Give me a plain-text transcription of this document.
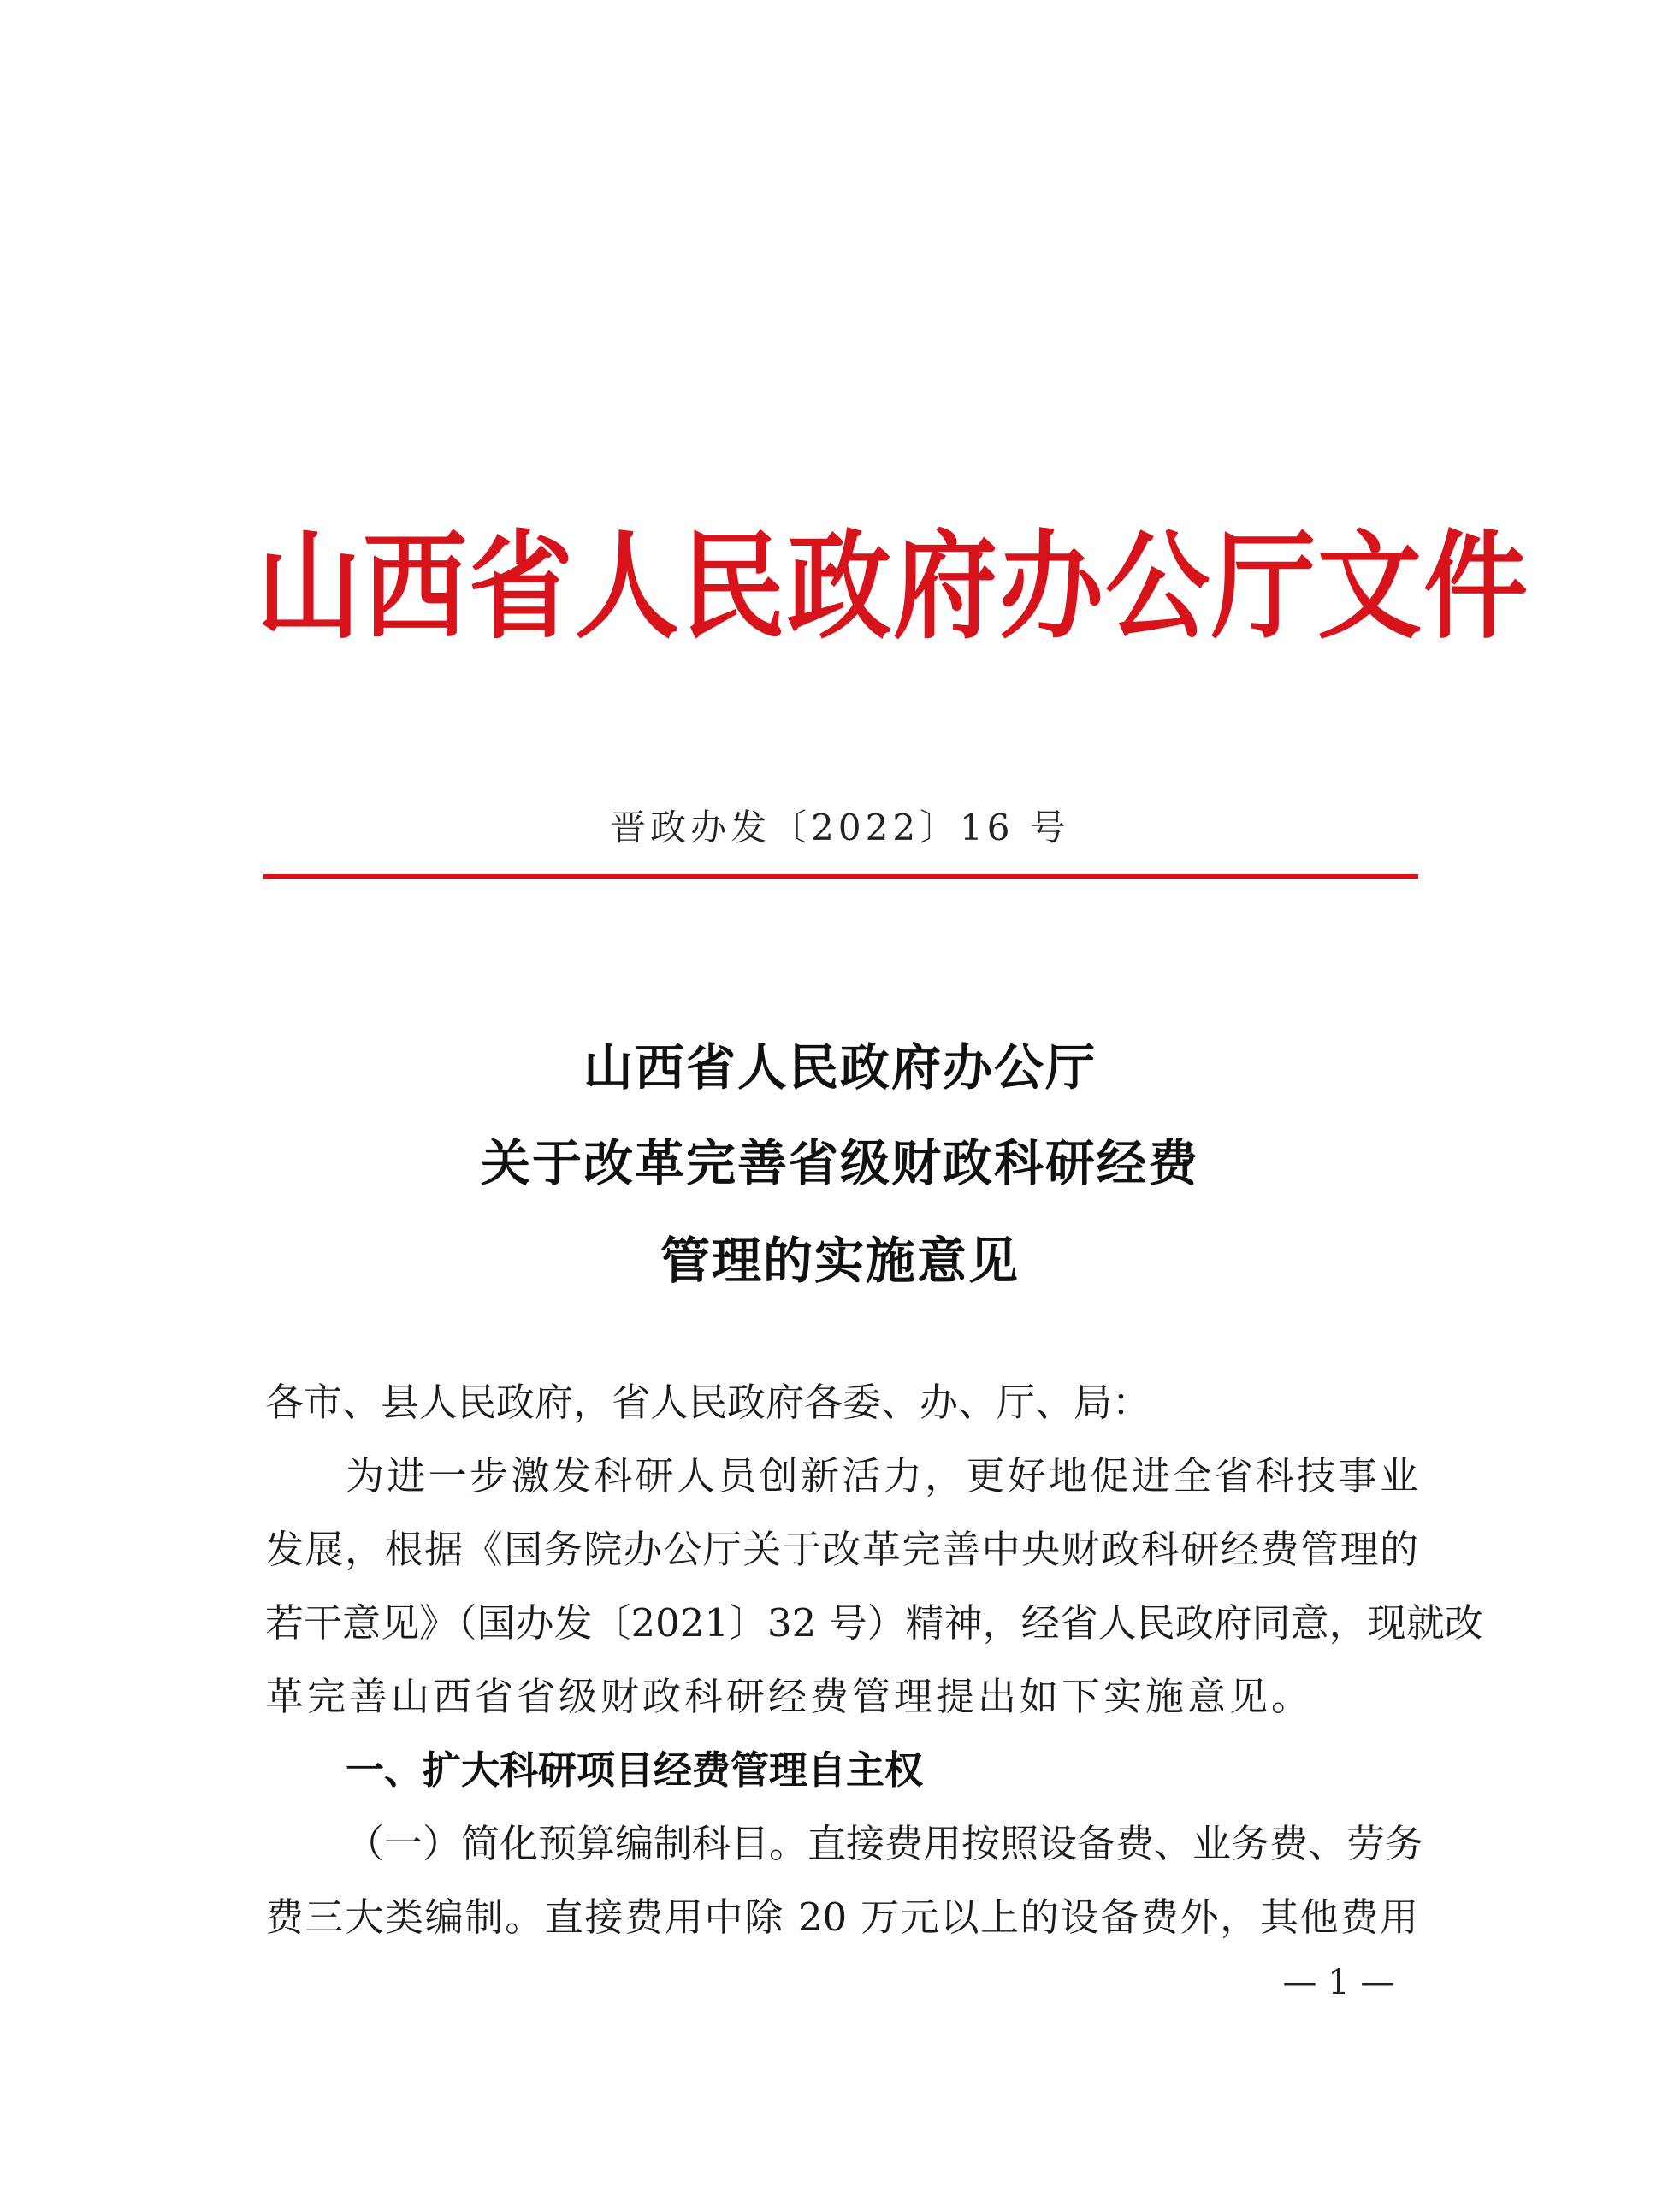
山西省人民政府办公厅文件
晋政办发〔2022〕16 号
山西省人民政府办公厅
关于改革完善省级财政科研经费
管理的实施意见
各市、县人民政府，省人民政府各委、办、厅、局：
为进一步激发科研人员创新活力，更好地促进全省科技事业
发展，根据《国务院办公厅关于改革完善中央财政科研经费管理的
若干意见》（国办发〔2021〕32 号）精神，经省人民政府同意，现就改
革完善山西省省级财政科研经费管理提出如下实施意见。
一、扩大科研项目经费管理自主权
（一）简化预算编制科目。直接费用按照设备费、业务费、劳务
费三大类编制。直接费用中除 20 万元以上的设备费外，其他费用
— 1 —
